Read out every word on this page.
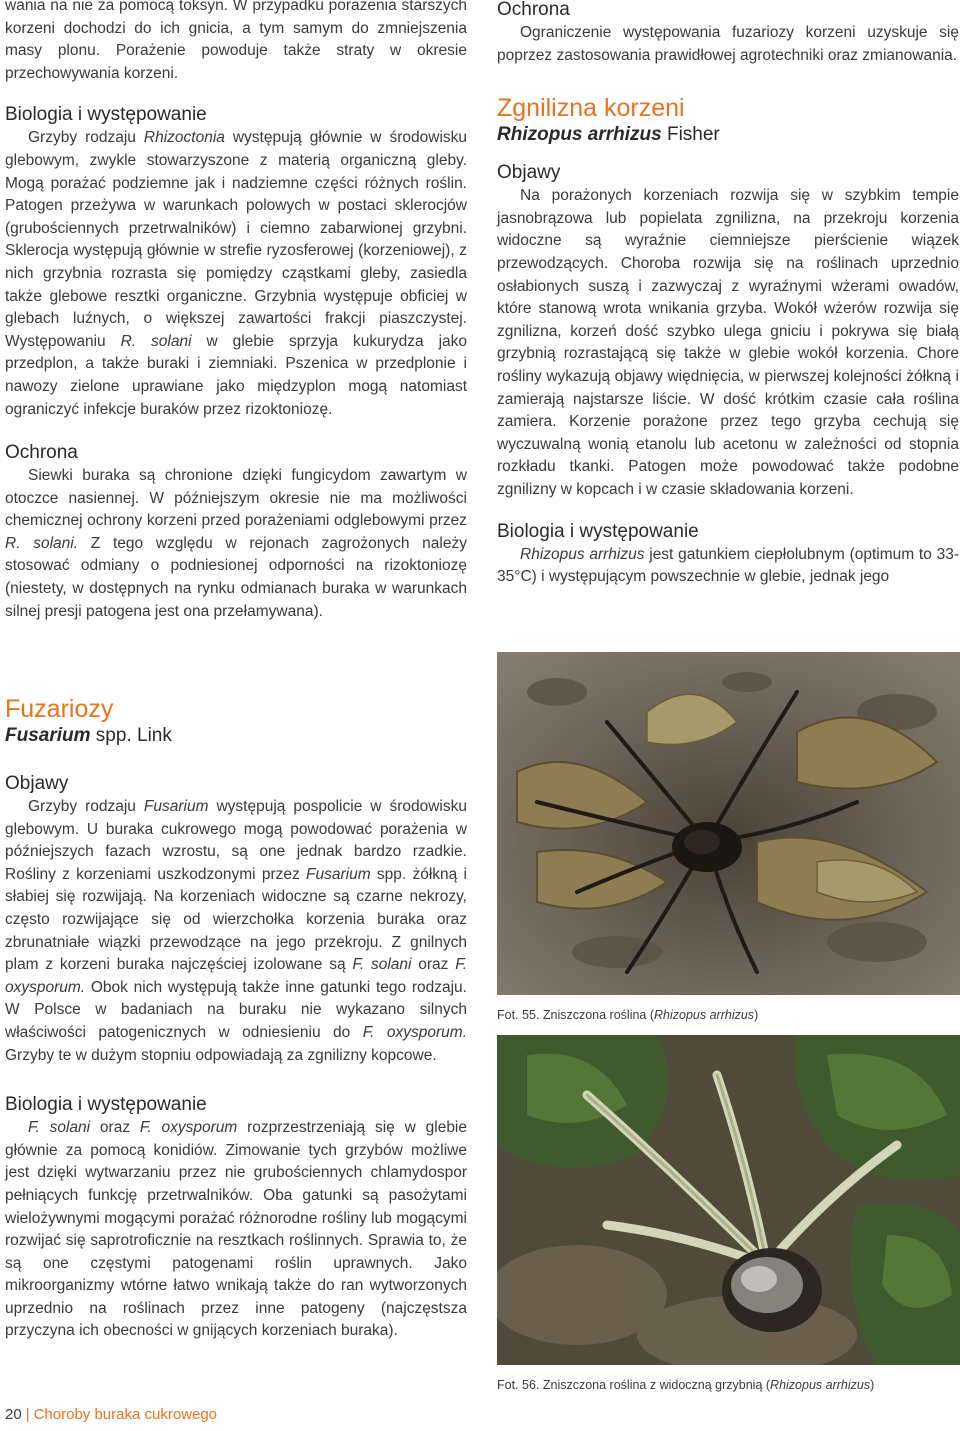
wania na nie za pomocą toksyn. W przypadku porażenia starszych korzeni dochodzi do ich gnicia, a tym samym do zmniejszenia masy plonu. Porażenie powoduje także straty w okresie przechowywania korzeni.

Biologia i występowanie

Grzyby rodzaju Rhizoctonia występują głównie w środowisku glebowym, zwykle stowarzyszone z materią organiczną gleby. Mogą porażać podziemne jak i nadziemne części różnych roślin. Patogen przeżywa w warunkach polowych w postaci sklerocjów (grubościennych przetrwalników) i ciemno zabarwionej grzybni. Sklerocja występują głównie w strefie ryzosferowej (korzeniowej), z nich grzybnia rozrasta się pomiędzy cząstkami gleby, zasiedla także glebowe resztki organiczne. Grzybnia występuje obficiej w glebach luźnych, o większej zawartości frakcji piaszczystej. Występowaniu R. solani w glebie sprzyja kukurydza jako przedplon, a także buraki i ziemniaki. Pszenica w przedplonie i nawozy zielone uprawiane jako międzyplon mogą natomiast ograniczyć infekcje buraków przez rizoktoniozę.

Ochrona

Siewki buraka są chronione dzięki fungicydom zawartym w otoczce nasiennej. W późniejszym okresie nie ma możliwości chemicznej ochrony korzeni przed porażeniami odglebowymi przez R. solani. Z tego względu w rejonach zagrożonych należy stosować odmiany o podniesionej odporności na rizoktoniozę (niestety, w dostępnych na rynku odmianach buraka w warunkach silnej presji patogena jest ona przełamywana).

Ochrona

Ograniczenie występowania fuzariozy korzeni uzyskuje się poprzez zastosowania prawidłowej agrotechniki oraz zmianowania.

Zgnilizna korzeni
Rhizopus arrhizus Fisher
Objawy

Na porażonych korzeniach rozwija się w szybkim tempie jasnobrązowa lub popielata zgnilizna, na przekroju korzenia widoczne są wyraźnie ciemniejsze pierścienie wiązek przewodzących. Choroba rozwija się na roślinach uprzednio osłabionych suszą i zazwyczaj z wyraźnymi wżerami owadów, które stanową wrota wnikania grzyba. Wokół wżerów rozwija się zgnilizna, korzeń dość szybko ulega gniciu i pokrywa się białą grzybnią rozrastającą się także w glebie wokół korzenia. Chore rośliny wykazują objawy więdnięcia, w pierwszej kolejności żółkną i zamierają najstarsze liście. W dość krótkim czasie cała roślina zamiera. Korzenie porażone przez tego grzyba cechują się wyczuwalną wonią etanolu lub acetonu w zależności od stopnia rozkładu tkanki. Patogen może powodować także podobne zgnilizny w kopcach i w czasie składowania korzeni.

Biologia i występowanie

Rhizopus arrhizus jest gatunkiem ciepłolubnym (optimum to 33-35°C) i występującym powszechnie w glebie, jednak jego

Fuzariozy
Fusarium spp. Link
Objawy

Grzyby rodzaju Fusarium występują pospolicie w środowisku glebowym. U buraka cukrowego mogą powodować porażenia w późniejszych fazach wzrostu, są one jednak bardzo rzadkie. Rośliny z korzeniami uszkodzonymi przez Fusarium spp. żółkną i słabiej się rozwijają. Na korzeniach widoczne są czarne nekrozy, często rozwijające się od wierzchołka korzenia buraka oraz zbrunatniałe wiązki przewodzące na jego przekroju. Z gnilnych plam z korzeni buraka najczęściej izolowane są F. solani oraz F. oxysporum. Obok nich występują także inne gatunki tego rodzaju. W Polsce w badaniach na buraku nie wykazano silnych właściwości patogenicznych w odniesieniu do F. oxysporum. Grzyby te w dużym stopniu odpowiadają za zgnilizny kopcowe.

Biologia i występowanie

F. solani oraz F. oxysporum rozprzestrzeniają się w glebie głównie za pomocą konidiów. Zimowanie tych grzybów możliwe jest dzięki wytwarzaniu przez nie grubościennych chlamydospor pełniących funkcję przetrwalników. Oba gatunki są pasożytami wielożywnymi mogącymi porażać różnorodne rośliny lub mogącymi rozwijać się saprotroficznie na resztkach roślinnych. Sprawia to, że są one częstymi patogenami roślin uprawnych. Jako mikroorganizmy wtórne łatwo wnikają także do ran wytworzonych uprzednio na roślinach przez inne patogeny (najczęstsza przyczyna ich obecności w gnijących korzeniach buraka).

Fot. 55. Zniszczona roślina (Rhizopus arrhizus)
Fot. 56. Zniszczona roślina z widoczną grzybnią (Rhizopus arrhizus)
20 | Choroby buraka cukrowego
